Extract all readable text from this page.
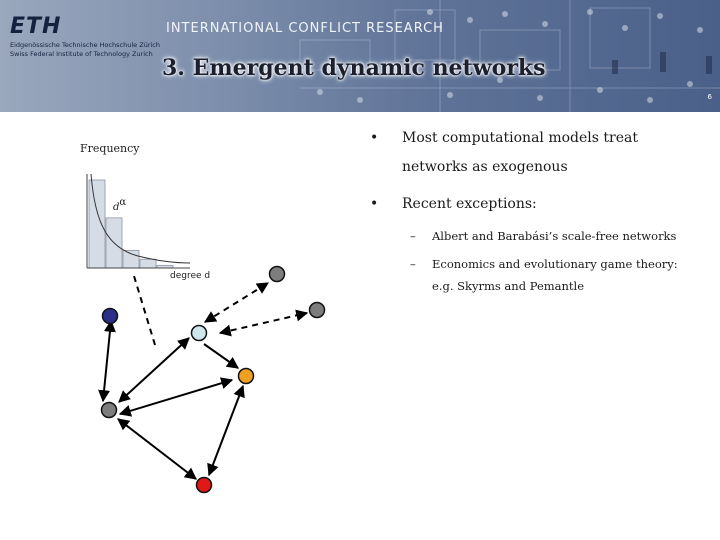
ETH
Eidgenössische Technische Hochschule Zürich
Swiss Federal Institute of Technology Zurich
INTERNATIONAL CONFLICT RESEARCH
3. Emergent dynamic networks
6
Frequency
dα
degree d
• Most computational models treat
networks as exogenous
• Recent exceptions:
– Albert and Barabási’s scale-free networks
– Economics and evolutionary game theory:
e.g. Skyrms and Pemantle
